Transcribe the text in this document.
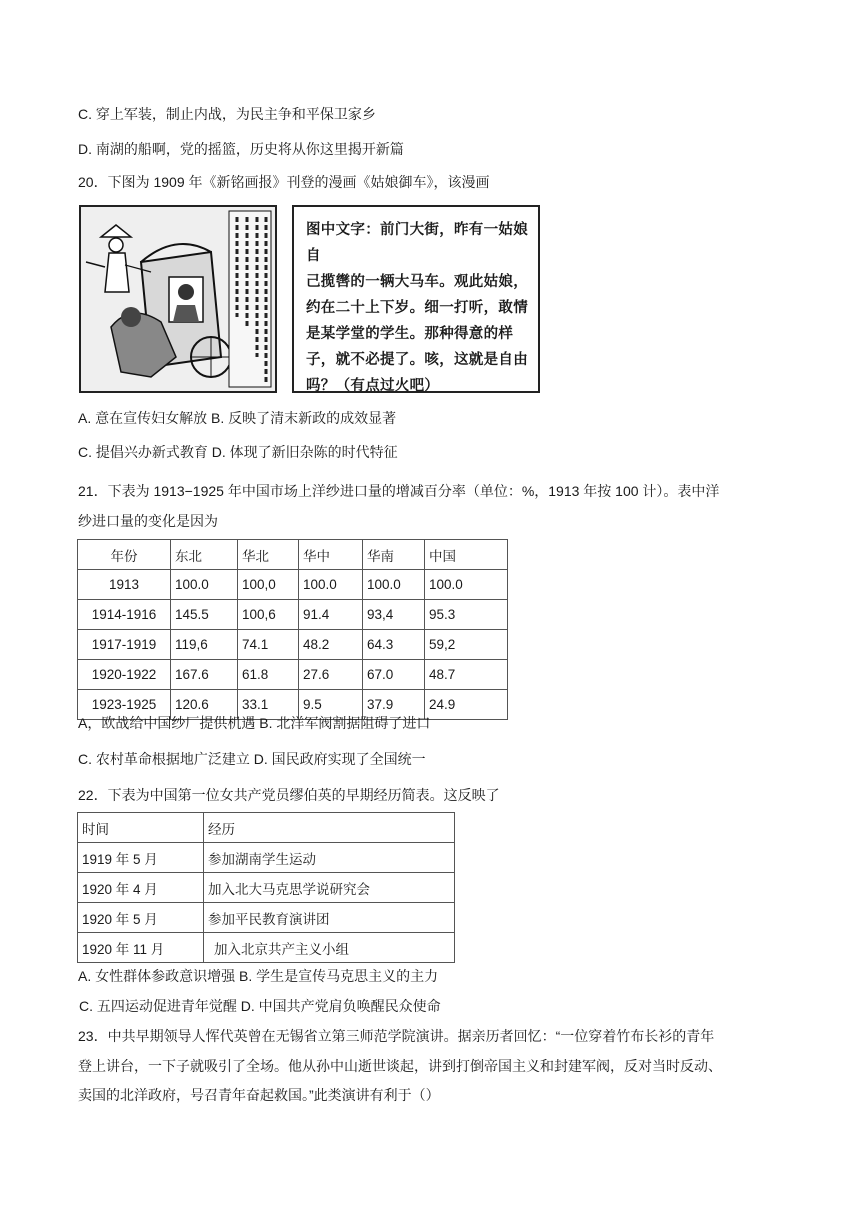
C. 穿上军装，制止内战，为民主争和平保卫家乡
D. 南湖的船啊，党的摇篮，历史将从你这里揭开新篇
20．下图为 1909 年《新铭画报》刊登的漫画《姑娘御车》，该漫画
图中文字：前门大街，昨有一姑娘自
己揽辔的一辆大马车。观此姑娘，
约在二十上下岁。细一打听，敢情
是某学堂的学生。那种得意的样
子，就不必提了。咳，这就是自由
吗？（有点过火吧）
A. 意在宣传妇女解放 B. 反映了清末新政的成效显著
C. 提倡兴办新式教育 D. 体现了新旧杂陈的时代特征
21．下表为 1913−1925 年中国市场上洋纱进口量的增减百分率（单位：%，1913 年按 100 计）。表中洋
纱进口量的变化是因为
年份	东北	华北	华中	华南	中国
1913	100.0	100,0	100.0	100.0	100.0
1914-1916	145.5	100,6	91.4	93,4	95.3
1917-1919	119,6	74.1	48.2	64.3	59,2
1920-1922	167.6	61.8	27.6	67.0	48.7
1923-1925	120.6	33.1	9.5	37.9	24.9
A，欧战给中国纱厂提供机遇 B. 北洋军阀割据阻碍了进口
C. 农村革命根据地广泛建立 D. 国民政府实现了全国统一
22．下表为中国第一位女共产党员缪伯英的早期经历简表。这反映了
时间	经历
1919 年 5 月	参加湖南学生运动
1920 年 4 月	加入北大马克思学说研究会
1920 年 5 月	参加平民教育演讲团
1920 年 11 月	加入北京共产主义小组
A. 女性群体参政意识增强 B. 学生是宣传马克思主义的主力
C. 五四运动促进青年觉醒 D. 中国共产党肩负唤醒民众使命
23．中共早期领导人恽代英曾在无锡省立第三师范学院演讲。据亲历者回忆：“一位穿着竹布长衫的青年
登上讲台，一下子就吸引了全场。他从孙中山逝世谈起，讲到打倒帝国主义和封建军阀，反对当时反动、
卖国的北洋政府，号召青年奋起救国。”此类演讲有利于（）
